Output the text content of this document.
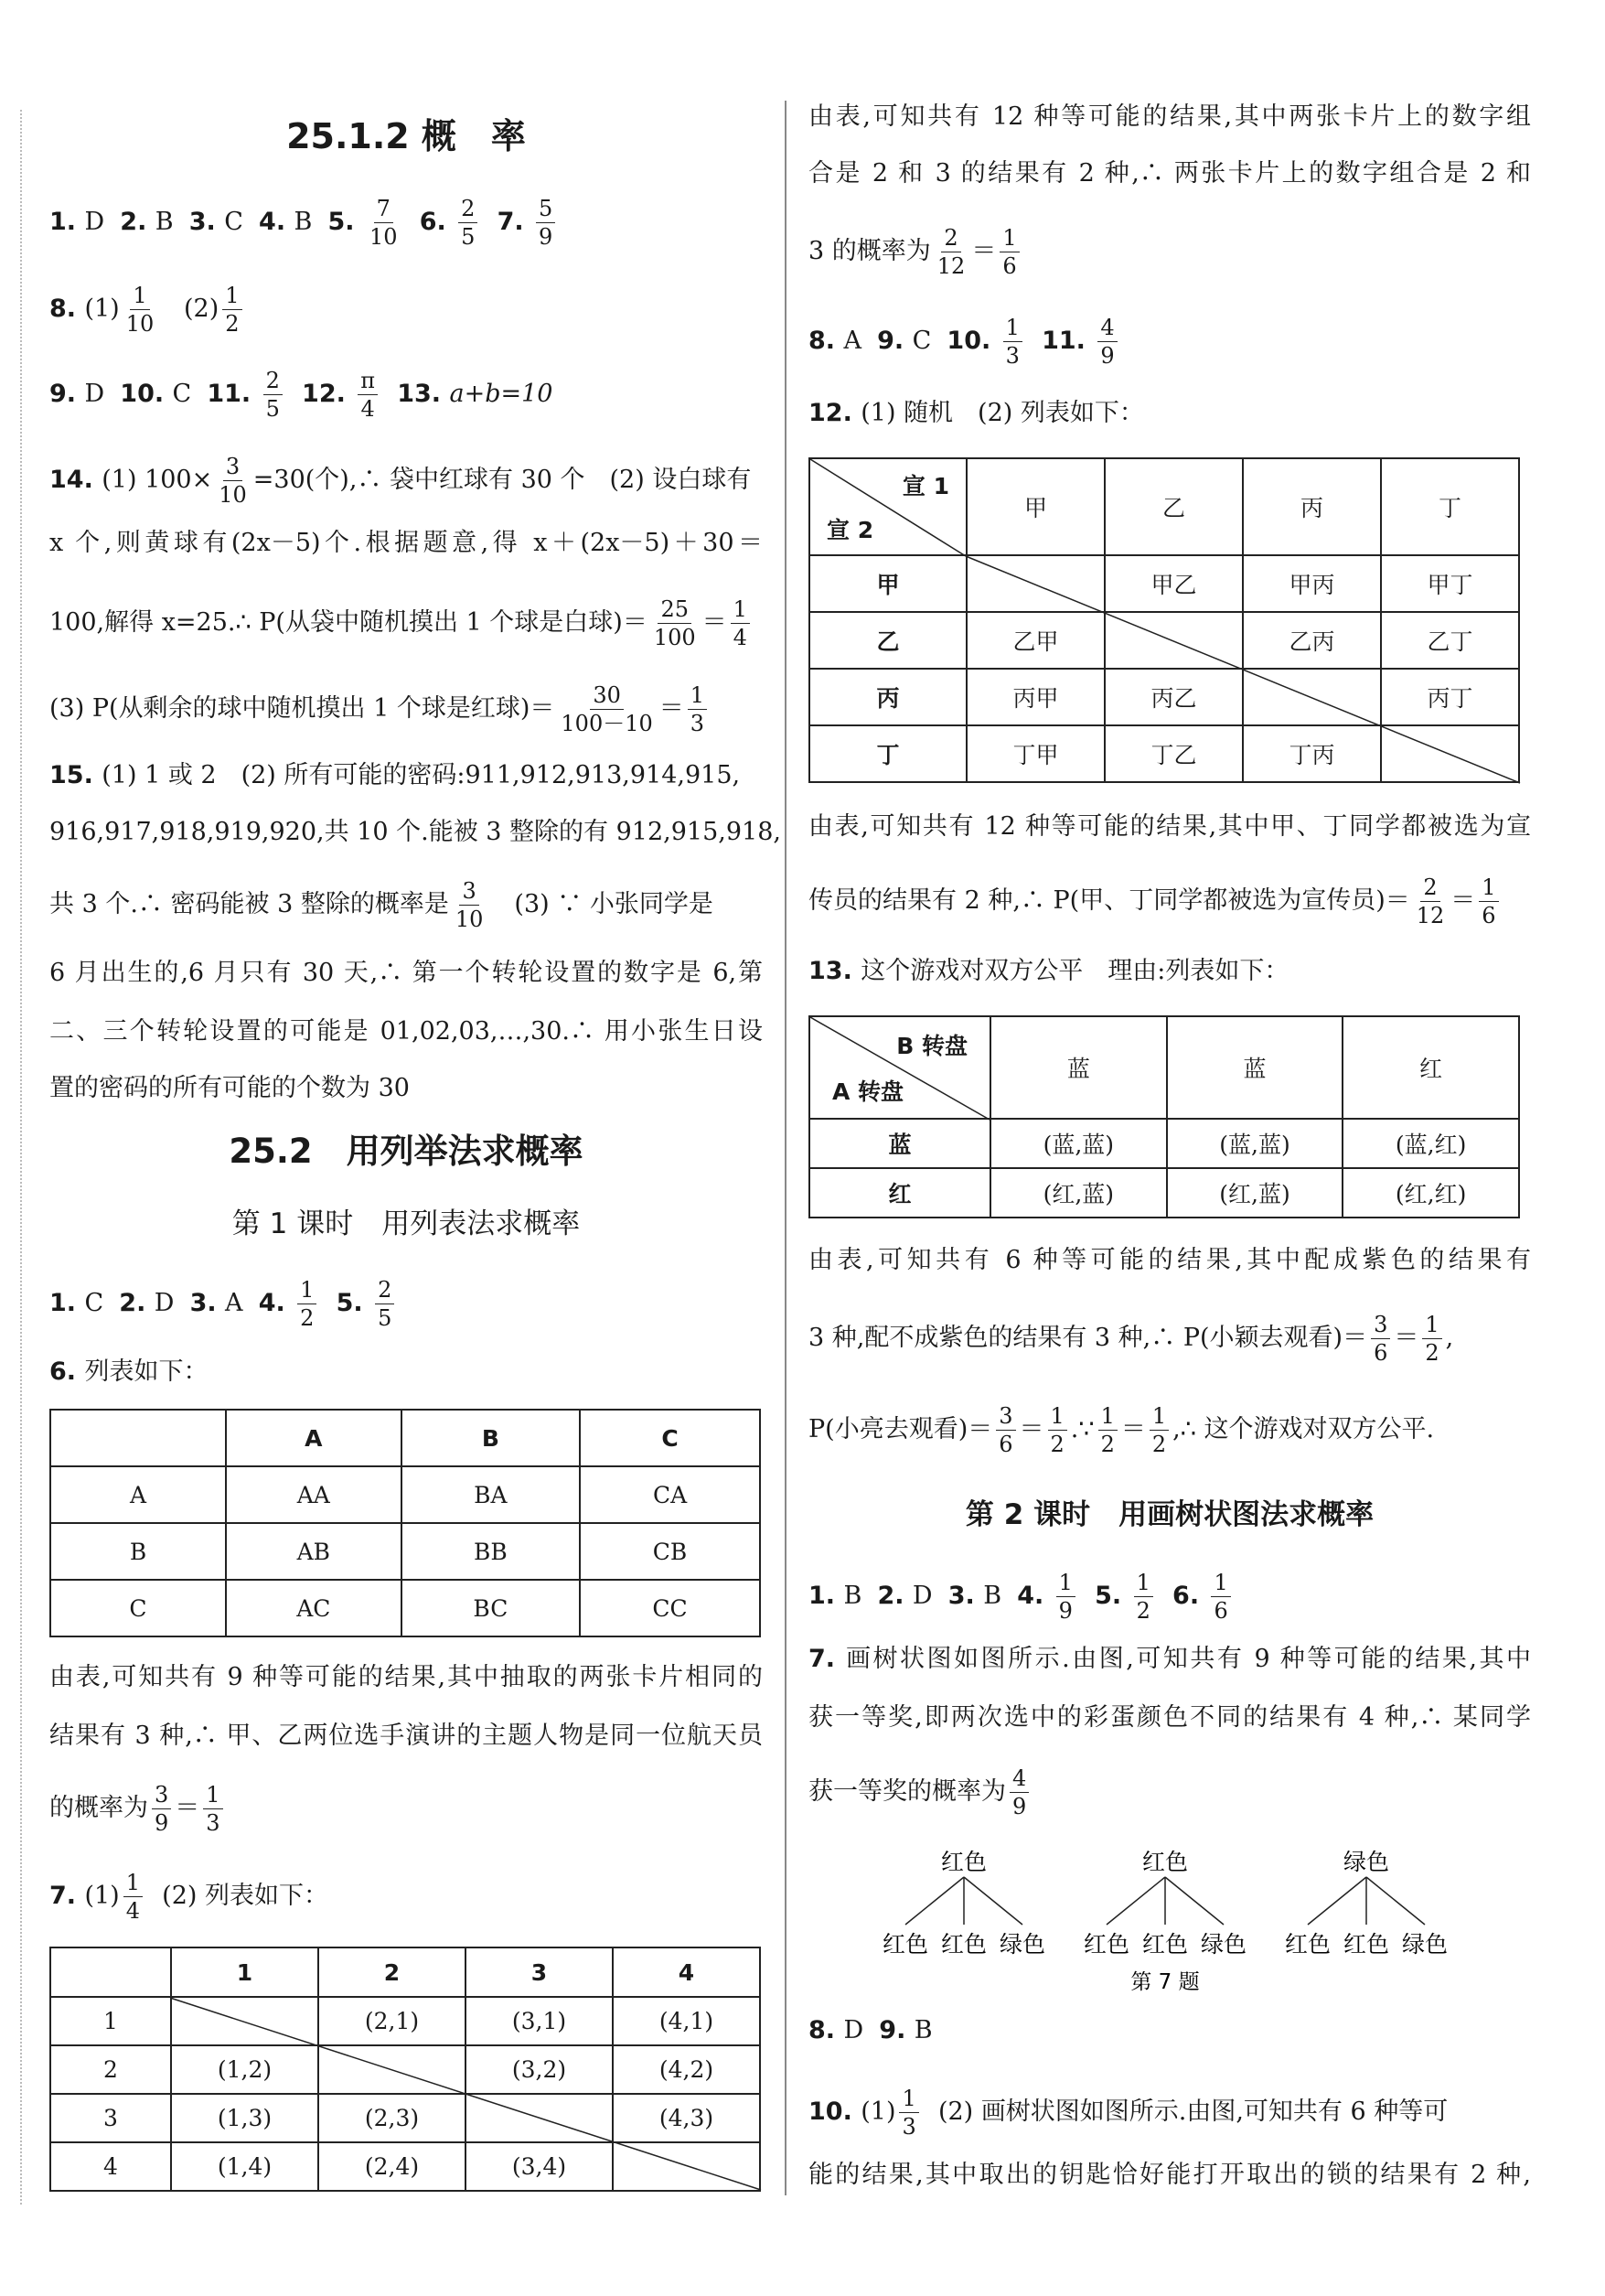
25.1.2 概　率
1. D 2. B 3. C 4. B 5. $\frac{7}{10} 6$. $\frac{2}{5} 7$. $\frac{5}{9}$
8. $(1) \frac{1}{10} (2) \frac{1}{2}$
9. D 10. C 11. $\frac{2}{5} 12$. $\frac{\pi}{4} 13$. a+b=10
14. (1) $100\times \frac{3}{10} =30$(个),∴ 袋中红球有 30 个　(2) 设白球有
x 个,则黄球有(2x－5)个.根据题意,得 x＋(2x－5)＋30＝
100,解得 x=25.∴ P(从袋中随机摸出 1 个球是白球)＝ $\frac{25}{100} = \frac{1}{4}$
(3) P(从剩余的球中随机摸出 1 个球是红球)＝ $\frac{30}{100-10} = \frac{1}{3}$
15. (1) 1 或 2　(2) 所有可能的密码:911,912,913,914,915,
916,917,918,919,920,共 10 个.能被 3 整除的有 912,915,918,
共 3 个.∴ 密码能被 3 整除的概率是 $\frac{3}{10}$ 　(3) ∵ 小张同学是
6 月出生的,6 月只有 30 天,∴ 第一个转轮设置的数字是 6,第
二、三个转轮设置的可能是 01,02,03,…,30.∴ 用小张生日设
置的密码的所有可能的个数为 30
25.2　用列举法求概率
第 1 课时　用列表法求概率
1. C 2. D 3. A 4. $\frac{1}{2} 5$. $\frac{2}{5}$
6. 列表如下：
	A	B	C
A	AA	BA	CA
B	AB	BB	CB
C	AC	BC	CC
由表,可知共有 9 种等可能的结果,其中抽取的两张卡片相同的
结果有 3 种,∴ 甲、乙两位选手演讲的主题人物是同一位航天员
的概率为 $\frac{3}{9} = \frac{1}{3}$
7. $(1) \frac{1}{4} (2)$ 列表如下：
	1	2	3	4
1		(2,1)	(3,1)	(4,1)
2	(1,2)		(3,2)	(4,2)
3	(1,3)	(2,3)		(4,3)
4	(1,4)	(2,4)	(3,4)	
由表,可知共有 12 种等可能的结果,其中两张卡片上的数字组
合是 2 和 3 的结果有 2 种,∴ 两张卡片上的数字组合是 2 和
3 的概率为 $\frac{2}{12} = \frac{1}{6}$
8. A 9. C 10. $\frac{1}{3} 11$. $\frac{4}{9}$
12. (1) 随机　(2) 列表如下：
宣 1
宣 2	甲	乙	丙	丁
甲		甲乙	甲丙	甲丁
乙	乙甲		乙丙	乙丁
丙	丙甲	丙乙		丙丁
丁	丁甲	丁乙	丁丙	
由表,可知共有 12 种等可能的结果,其中甲、丁同学都被选为宣
传员的结果有 2 种,∴ P(甲、丁同学都被选为宣传员)＝ $\frac{2}{12} = \frac{1}{6}$
13. 这个游戏对双方公平　理由:列表如下：
B 转盘
A 转盘	蓝	蓝	红
蓝	(蓝,蓝)	(蓝,蓝)	(蓝,红)
红	(红,蓝)	(红,蓝)	(红,红)
由表,可知共有 6 种等可能的结果,其中配成紫色的结果有
3 种,配不成紫色的结果有 3 种,∴ P(小颖去观看)＝ $\frac{3}{6} = \frac{1}{2}$ ,
P(小亮去观看)＝ $\frac{3}{6} = \frac{1}{2}$ .∵ $\frac{1}{2} = \frac{1}{2}$ ,∴ 这个游戏对双方公平.
第 2 课时　用画树状图法求概率
1. B 2. D 3. B 4. $\frac{1}{9} 5$. $\frac{1}{2} 6$. $\frac{1}{6}$
7. 画树状图如图所示.由图,可知共有 9 种等可能的结果,其中
获一等奖,即两次选中的彩蛋颜色不同的结果有 4 种,∴ 某同学
获一等奖的概率为 $\frac{4}{9}$
红色
红色 红色 绿色
红色
红色 红色 绿色
绿色
红色 红色 绿色
第 7 题
8. D 9. B
10. $(1) \frac{1}{3} (2)$ 画树状图如图所示.由图,可知共有 6 种等可
能的结果,其中取出的钥匙恰好能打开取出的锁的结果有 2 种,
